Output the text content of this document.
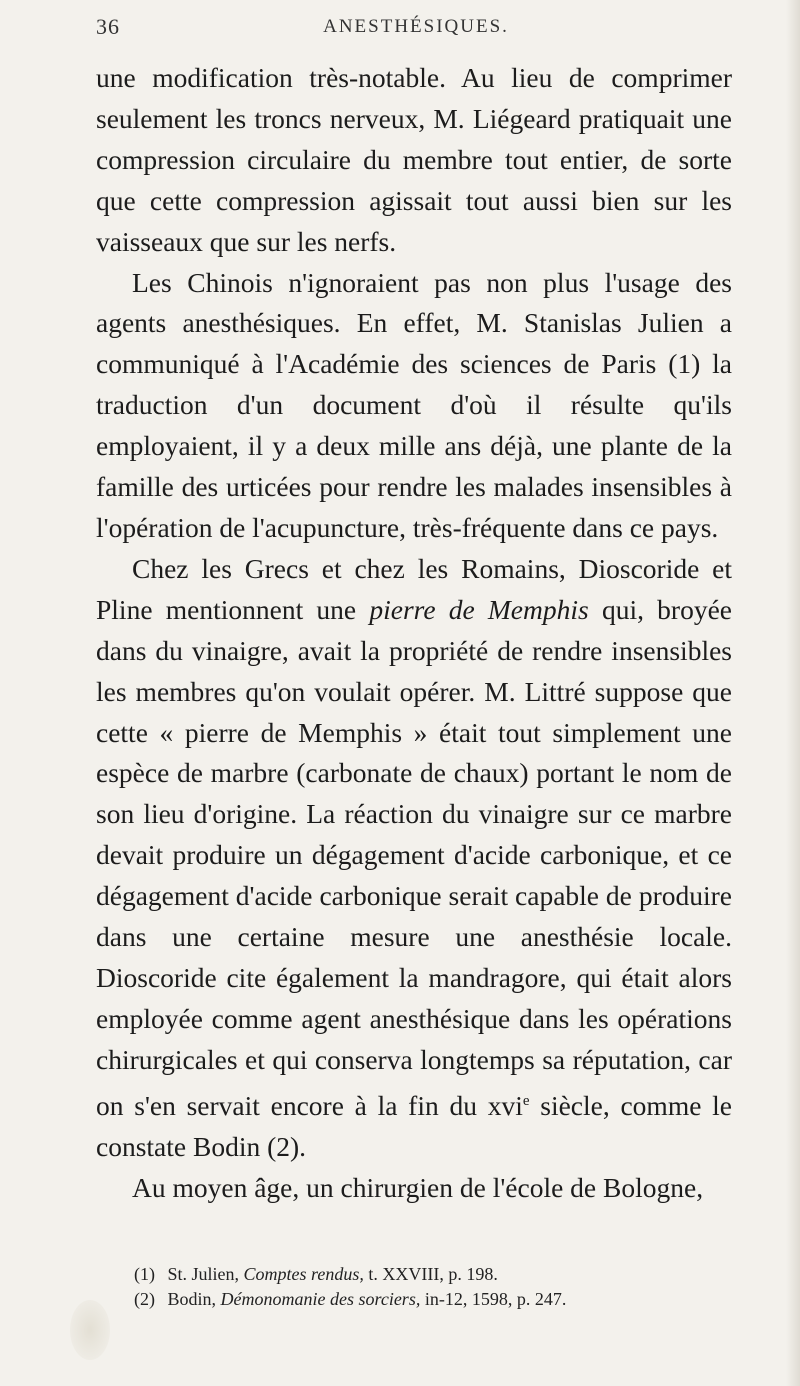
36	ANESTHÉSIQUES.

une modification très-notable. Au lieu de comprimer seulement les troncs nerveux, M. Liégeard pratiquait une compression circulaire du membre tout entier, de sorte que cette compression agissait tout aussi bien sur les vaisseaux que sur les nerfs.

Les Chinois n'ignoraient pas non plus l'usage des agents anesthésiques. En effet, M. Stanislas Julien a communiqué à l'Académie des sciences de Paris (1) la traduction d'un document d'où il résulte qu'ils employaient, il y a deux mille ans déjà, une plante de la famille des urticées pour rendre les malades insensibles à l'opération de l'acupuncture, très-fréquente dans ce pays.

Chez les Grecs et chez les Romains, Dioscoride et Pline mentionnent une pierre de Memphis qui, broyée dans du vinaigre, avait la propriété de rendre insensibles les membres qu'on voulait opérer. M. Littré suppose que cette « pierre de Memphis » était tout simplement une espèce de marbre (carbonate de chaux) portant le nom de son lieu d'origine. La réaction du vinaigre sur ce marbre devait produire un dégagement d'acide carbonique, et ce dégagement d'acide carbonique serait capable de produire dans une certaine mesure une anesthésie locale. Dioscoride cite également la mandragore, qui était alors employée comme agent anesthésique dans les opérations chirurgicales et qui conserva longtemps sa réputation, car on s'en servait encore à la fin du xvi$^e$ siècle, comme le constate Bodin (2).

Au moyen âge, un chirurgien de l'école de Bologne,

(1) St. Julien, Comptes rendus, t. XXVIII, p. 198.

(2) Bodin, Démonomanie des sorciers, in-12, 1598, p. 247.
